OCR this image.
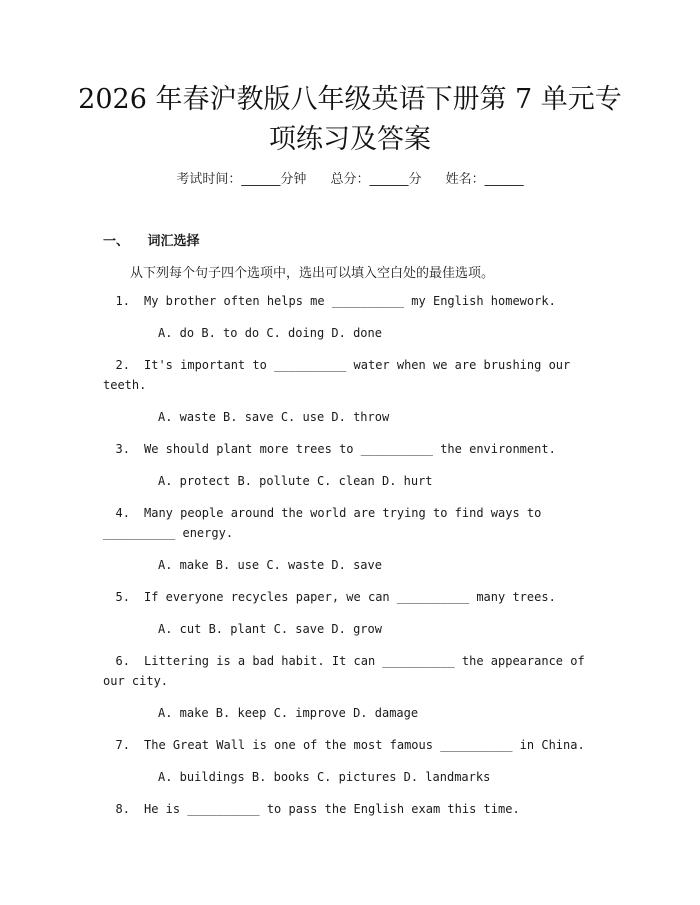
2026 年春沪教版八年级英语下册第 7 单元专
项练习及答案
考试时间：______分钟 总分：______分 姓名：______
一、 词汇选择
从下列每个句子四个选项中，选出可以填入空白处的最佳选项。
1. My brother often helps me __________ my English homework.
A. do B. to do C. doing D. done
2. It's important to __________ water when we are brushing our
teeth.
A. waste B. save C. use D. throw
3. We should plant more trees to __________ the environment.
A. protect B. pollute C. clean D. hurt
4. Many people around the world are trying to find ways to
__________ energy.
A. make B. use C. waste D. save
5. If everyone recycles paper, we can __________ many trees.
A. cut B. plant C. save D. grow
6. Littering is a bad habit. It can __________ the appearance of
our city.
A. make B. keep C. improve D. damage
7. The Great Wall is one of the most famous __________ in China.
A. buildings B. books C. pictures D. landmarks
8. He is __________ to pass the English exam this time.
